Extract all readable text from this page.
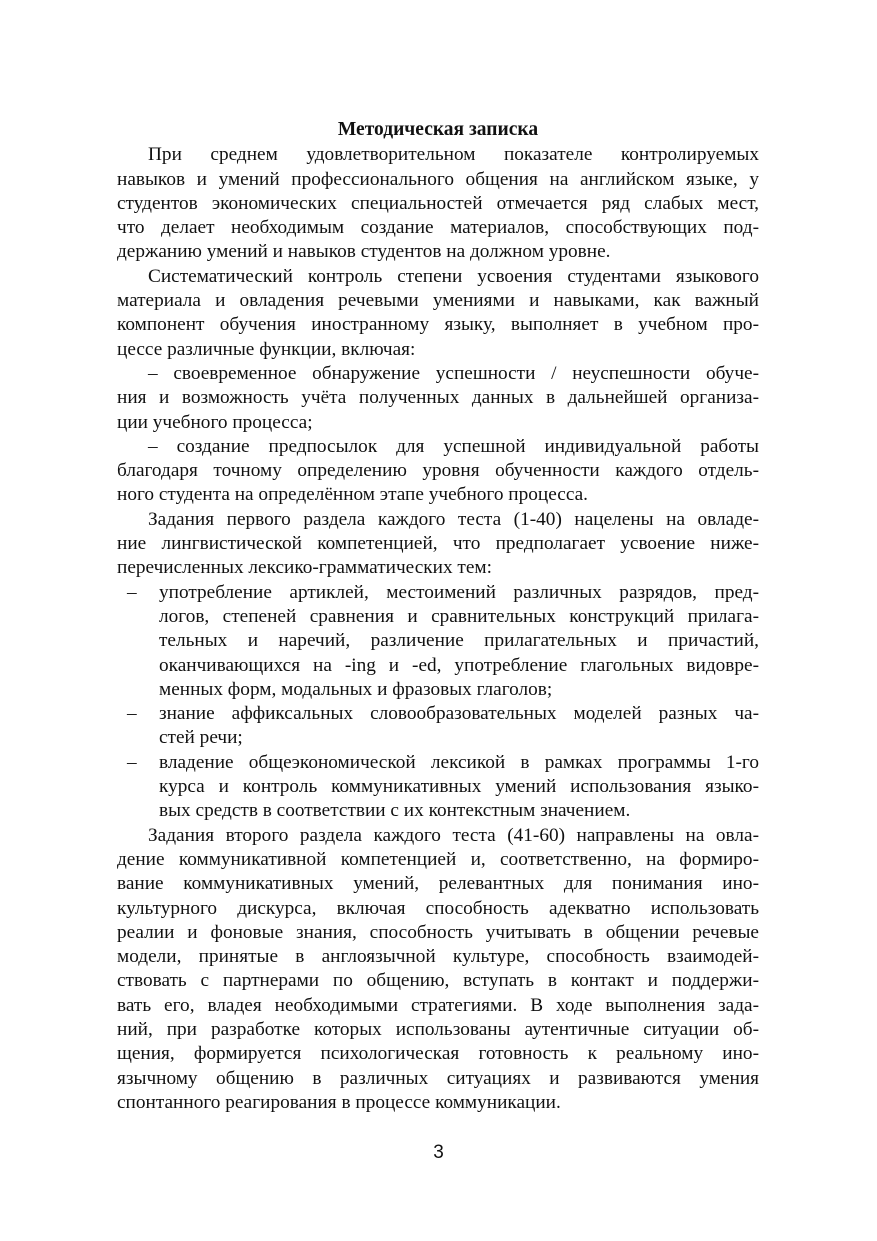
Методическая записка
При среднем удовлетворительном показателе контролируемых
навыков и умений профессионального общения на английском языке, у
студентов экономических специальностей отмечается ряд слабых мест,
что делает необходимым создание материалов, способствующих под-
держанию умений и навыков студентов на должном уровне.
Систематический контроль степени усвоения студентами языкового
материала и овладения речевыми умениями и навыками, как важный
компонент обучения иностранному языку, выполняет в учебном про-
цессе различные функции, включая:
– своевременное обнаружение успешности / неуспешности обуче-
ния и возможность учёта полученных данных в дальнейшей организа-
ции учебного процесса;
– создание предпосылок для успешной индивидуальной работы
благодаря точному определению уровня обученности каждого отдель-
ного студента на определённом этапе учебного процесса.
Задания первого раздела каждого теста (1-40) нацелены на овладе-
ние лингвистической компетенцией, что предполагает усвоение ниже-
перечисленных лексико-грамматических тем:
– употребление артиклей, местоимений различных разрядов, пред-
логов, степеней сравнения и сравнительных конструкций прилага-
тельных и наречий, различение прилагательных и причастий,
оканчивающихся на -ing и -ed, употребление глагольных видовре-
менных форм, модальных и фразовых глаголов;
– знание аффиксальных словообразовательных моделей разных ча-
стей речи;
– владение общеэкономической лексикой в рамках программы 1-го
курса и контроль коммуникативных умений использования языко-
вых средств в соответствии с их контекстным значением.
Задания второго раздела каждого теста (41-60) направлены на овла-
дение коммуникативной компетенцией и, соответственно, на формиро-
вание коммуникативных умений, релевантных для понимания ино-
культурного дискурса, включая способность адекватно использовать
реалии и фоновые знания, способность учитывать в общении речевые
модели, принятые в англоязычной культуре, способность взаимодей-
ствовать с партнерами по общению, вступать в контакт и поддержи-
вать его, владея необходимыми стратегиями. В ходе выполнения зада-
ний, при разработке которых использованы аутентичные ситуации об-
щения, формируется психологическая готовность к реальному ино-
язычному общению в различных ситуациях и развиваются умения
спонтанного реагирования в процессе коммуникации.
3
